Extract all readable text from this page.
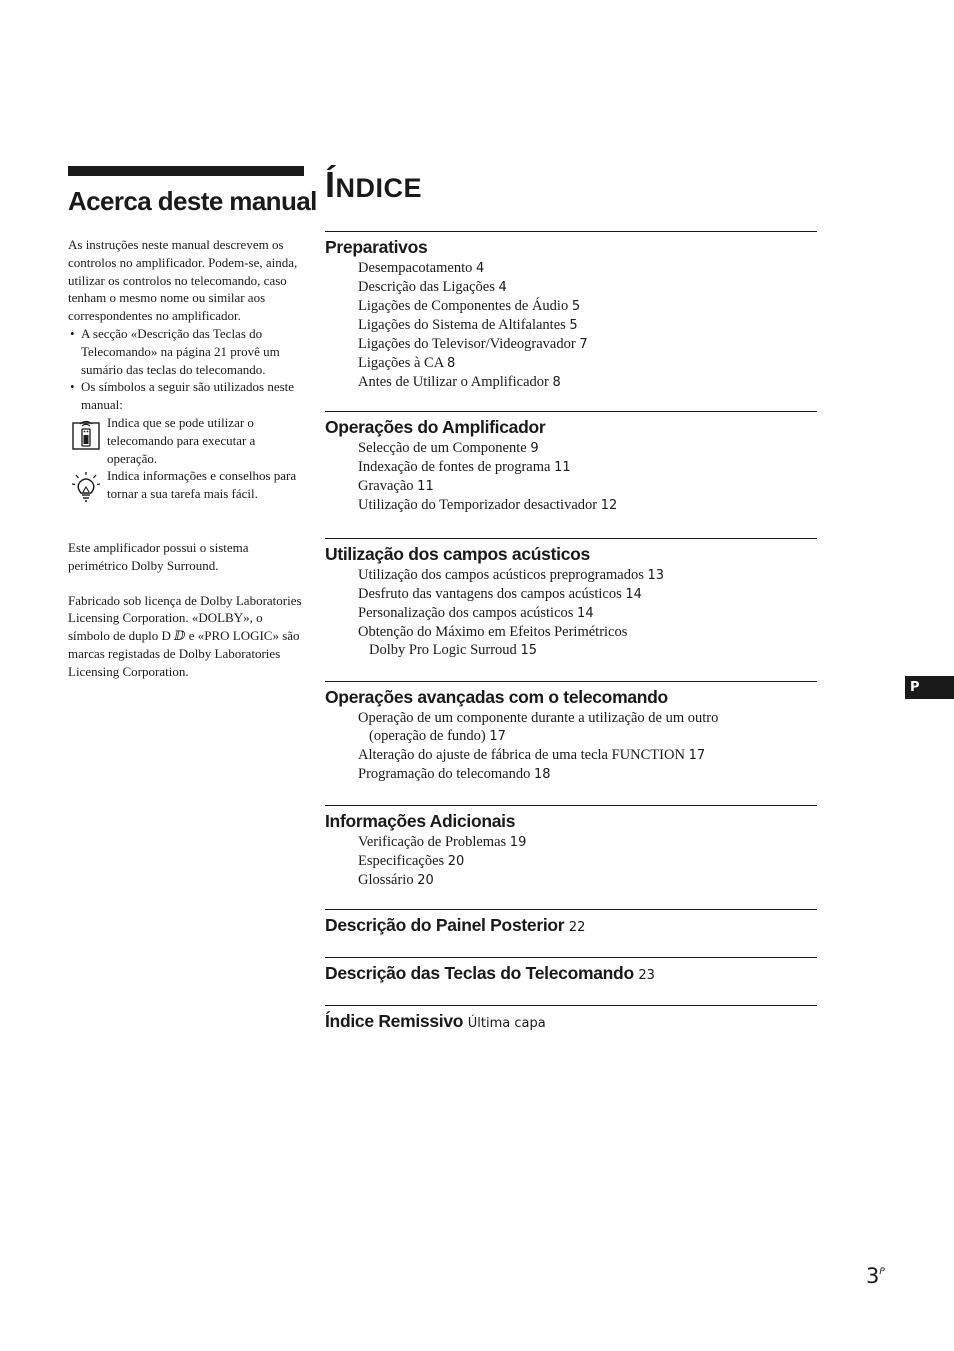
Acerca deste manual

As instruções neste manual descrevem os controlos no amplificador. Podem-se, ainda, utilizar os controlos no telecomando, caso tenham o mesmo nome ou similar aos correspondentes no amplificador.

• A secção «Descrição das Teclas do Telecomando» na página 21 provê um sumário das teclas do telecomando.
• Os símbolos a seguir são utilizados neste manual:
Indica que se pode utilizar o telecomando para executar a operação.
Indica informações e conselhos para tornar a sua tarefa mais fácil.

Este amplificador possui o sistema perimétrico Dolby Surround.

Fabricado sob licença de Dolby Laboratories Licensing Corporation. «DOLBY», o símbolo de duplo D ⅅ e «PRO LOGIC» são marcas registadas de Dolby Laboratories Licensing Corporation.

ÍNDICE
Preparativos
Desempacotamento 4
Descrição das Ligações 4
Ligações de Componentes de Áudio 5
Ligações do Sistema de Altifalantes 5
Ligações do Televisor/Videogravador 7
Ligações à CA 8
Antes de Utilizar o Amplificador 8
Operações do Amplificador
Selecção de um Componente 9
Indexação de fontes de programa 11
Gravação 11
Utilização do Temporizador desactivador 12
Utilização dos campos acústicos
Utilização dos campos acústicos preprogramados 13
Desfruto das vantagens dos campos acústicos 14
Personalização dos campos acústicos 14
Obtenção do Máximo em Efeitos Perimétricos
Dolby Pro Logic Surroud 15
Operações avançadas com o telecomando
Operação de um componente durante a utilização de um outro
(operação de fundo) 17
Alteração do ajuste de fábrica de uma tecla FUNCTION 17
Programação do telecomando 18
Informações Adicionais
Verificação de Problemas 19
Especificações 20
Glossário 20
Descrição do Painel Posterior 22
Descrição das Teclas do Telecomando 23
Índice Remissivo Última capa
P
$3^P$
